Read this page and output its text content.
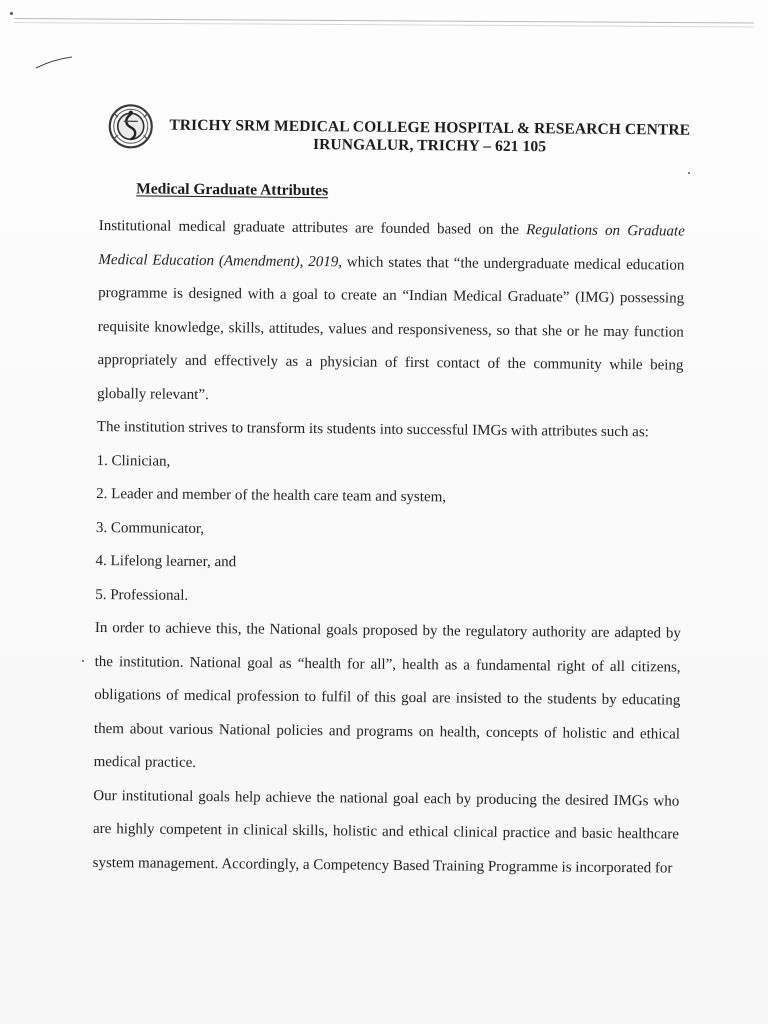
TRICHY SRM MEDICAL COLLEGE HOSPITAL & RESEARCH CENTRE
IRUNGALUR, TRICHY – 621 105
Medical Graduate Attributes

Institutional medical graduate attributes are founded based on the Regulations on Graduate Medical Education (Amendment), 2019, which states that “the undergraduate medical education programme is designed with a goal to create an “Indian Medical Graduate” (IMG) possessing requisite knowledge, skills, attitudes, values and responsiveness, so that she or he may function appropriately and effectively as a physician of first contact of the community while being globally relevant”.

The institution strives to transform its students into successful IMGs with attributes such as:

1. Clinician,

2. Leader and member of the health care team and system,

3. Communicator,

4. Lifelong learner, and

5. Professional.

In order to achieve this, the National goals proposed by the regulatory authority are adapted by the institution. National goal as “health for all”, health as a fundamental right of all citizens, obligations of medical profession to fulfil of this goal are insisted to the students by educating them about various National policies and programs on health, concepts of holistic and ethical medical practice.

Our institutional goals help achieve the national goal each by producing the desired IMGs who are highly competent in clinical skills, holistic and ethical clinical practice and basic healthcare system management. Accordingly, a Competency Based Training Programme is incorporated for
